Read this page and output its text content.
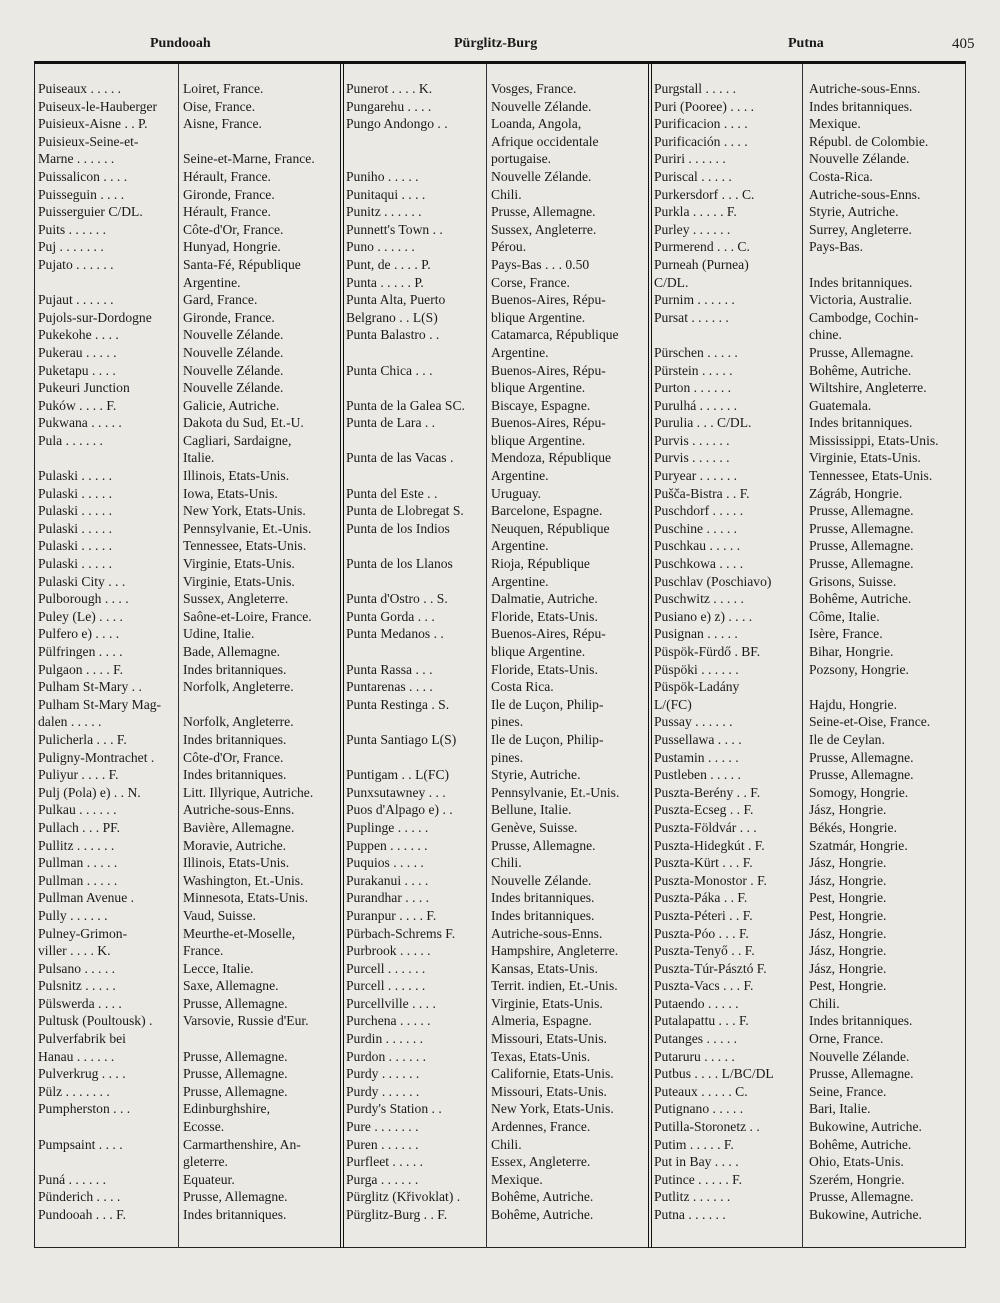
Pundooah	Pürglitz-Burg	Putna	405
Puiseaux . . . . .	Loiret, France.
Puiseux-le-Hauberger	Oise, France.
Puisieux-Aisne . . P.	Aisne, France.
Puisieux-Seine-et-
Marne . . . . . .	Seine-et-Marne, France.
Puissalicon . . . .	Hérault, France.
Puisseguin . . . .	Gironde, France.
Puisserguier C/DL.	Hérault, France.
Puits . . . . . .	Côte-d'Or, France.
Puj . . . . . . .	Hunyad, Hongrie.
Pujato . . . . . .	Santa-Fé, République
Argentine.
Pujaut . . . . . .	Gard, France.
Pujols-sur-Dordogne	Gironde, France.
Pukekohe . . . .	Nouvelle Zélande.
Pukerau . . . . .	Nouvelle Zélande.
Puketapu . . . .	Nouvelle Zélande.
Pukeuri Junction	Nouvelle Zélande.
Puków . . . . F.	Galicie, Autriche.
Pukwana . . . . .	Dakota du Sud, Et.-U.
Pula . . . . . .	Cagliari, Sardaigne,
Italie.
Pulaski . . . . .	Illinois, Etats-Unis.
Pulaski . . . . .	Iowa, Etats-Unis.
Pulaski . . . . .	New York, Etats-Unis.
Pulaski . . . . .	Pennsylvanie, Et.-Unis.
Pulaski . . . . .	Tennessee, Etats-Unis.
Pulaski . . . . .	Virginie, Etats-Unis.
Pulaski City . . .	Virginie, Etats-Unis.
Pulborough . . . .	Sussex, Angleterre.
Puley (Le) . . . .	Saône-et-Loire, France.
Pulfero e) . . . .	Udine, Italie.
Pülfringen . . . .	Bade, Allemagne.
Pulgaon . . . . F.	Indes britanniques.
Pulham St-Mary . .	Norfolk, Angleterre.
Pulham St-Mary Mag-
dalen . . . . .	Norfolk, Angleterre.
Pulicherla . . . F.	Indes britanniques.
Puligny-Montrachet .	Côte-d'Or, France.
Puliyur . . . . F.	Indes britanniques.
Pulj (Pola) e) . . N.	Litt. Illyrique, Autriche.
Pulkau . . . . . .	Autriche-sous-Enns.
Pullach . . . PF.	Bavière, Allemagne.
Pullitz . . . . . .	Moravie, Autriche.
Pullman . . . . .	Illinois, Etats-Unis.
Pullman . . . . .	Washington, Et.-Unis.
Pullman Avenue .	Minnesota, Etats-Unis.
Pully . . . . . .	Vaud, Suisse.
Pulney-Grimon-	Meurthe-et-Moselle,
viller . . . . K.	France.
Pulsano . . . . .	Lecce, Italie.
Pulsnitz . . . . .	Saxe, Allemagne.
Pülswerda . . . .	Prusse, Allemagne.
Pultusk (Poultousk) .	Varsovie, Russie d'Eur.
Pulverfabrik bei
Hanau . . . . . .	Prusse, Allemagne.
Pulverkrug . . . .	Prusse, Allemagne.
Pülz . . . . . . .	Prusse, Allemagne.
Pumpherston . . .	Edinburghshire,
Ecosse.
Pumpsaint . . . .	Carmarthenshire, An-
gleterre.
Puná . . . . . .	Equateur.
Pünderich . . . .	Prusse, Allemagne.
Pundooah . . . F.	Indes britanniques.
Punerot . . . . K.	Vosges, France.
Pungarehu . . . .	Nouvelle Zélande.
Pungo Andongo . .	Loanda, Angola,
Afrique occidentale
portugaise.
Puniho . . . . .	Nouvelle Zélande.
Punitaqui . . . .	Chili.
Punitz . . . . . .	Prusse, Allemagne.
Punnett's Town . .	Sussex, Angleterre.
Puno . . . . . .	Pérou.
Punt, de . . . . P.	Pays-Bas . . . 0.50
Punta . . . . . P.	Corse, France.
Punta Alta, Puerto	Buenos-Aires, Répu-
Belgrano . . L(S)	blique Argentine.
Punta Balastro . .	Catamarca, République
Argentine.
Punta Chica . . .	Buenos-Aires, Répu-
blique Argentine.
Punta de la Galea SC.	Biscaye, Espagne.
Punta de Lara . .	Buenos-Aires, Répu-
blique Argentine.
Punta de las Vacas .	Mendoza, République
Argentine.
Punta del Este . .	Uruguay.
Punta de Llobregat S.	Barcelone, Espagne.
Punta de los Indios	Neuquen, République
Argentine.
Punta de los Llanos	Rioja, République
Argentine.
Punta d'Ostro . . S.	Dalmatie, Autriche.
Punta Gorda . . .	Floride, Etats-Unis.
Punta Medanos . .	Buenos-Aires, Répu-
blique Argentine.
Punta Rassa . . .	Floride, Etats-Unis.
Puntarenas . . . .	Costa Rica.
Punta Restinga . S.	Ile de Luçon, Philip-
pines.
Punta Santiago L(S)	Ile de Luçon, Philip-
pines.
Puntigam . . L(FC)	Styrie, Autriche.
Punxsutawney . . .	Pennsylvanie, Et.-Unis.
Puos d'Alpago e) . .	Bellune, Italie.
Puplinge . . . . .	Genève, Suisse.
Puppen . . . . . .	Prusse, Allemagne.
Puquios . . . . .	Chili.
Purakanui . . . .	Nouvelle Zélande.
Purandhar . . . .	Indes britanniques.
Puranpur . . . . F.	Indes britanniques.
Pürbach-Schrems F.	Autriche-sous-Enns.
Purbrook . . . . .	Hampshire, Angleterre.
Purcell . . . . . .	Kansas, Etats-Unis.
Purcell . . . . . .	Territ. indien, Et.-Unis.
Purcellville . . . .	Virginie, Etats-Unis.
Purchena . . . . .	Almeria, Espagne.
Purdin . . . . . .	Missouri, Etats-Unis.
Purdon . . . . . .	Texas, Etats-Unis.
Purdy . . . . . .	Californie, Etats-Unis.
Purdy . . . . . .	Missouri, Etats-Unis.
Purdy's Station . .	New York, Etats-Unis.
Pure . . . . . . .	Ardennes, France.
Puren . . . . . .	Chili.
Purfleet . . . . .	Essex, Angleterre.
Purga . . . . . .	Mexique.
Pürglitz (Křivoklat) .	Bohême, Autriche.
Pürglitz-Burg . . F.	Bohême, Autriche.
Purgstall . . . . .	Autriche-sous-Enns.
Puri (Pooree) . . . .	Indes britanniques.
Purificacion . . . .	Mexique.
Purificación . . . .	Républ. de Colombie.
Puriri . . . . . .	Nouvelle Zélande.
Puriscal . . . . .	Costa-Rica.
Purkersdorf . . . C.	Autriche-sous-Enns.
Purkla . . . . . F.	Styrie, Autriche.
Purley . . . . . .	Surrey, Angleterre.
Purmerend . . . C.	Pays-Bas.
Purneah (Purnea)
C/DL.	Indes britanniques.
Purnim . . . . . .	Victoria, Australie.
Pursat . . . . . .	Cambodge, Cochin-
chine.
Pürschen . . . . .	Prusse, Allemagne.
Pürstein . . . . .	Bohême, Autriche.
Purton . . . . . .	Wiltshire, Angleterre.
Purulhá . . . . . .	Guatemala.
Purulia . . . C/DL.	Indes britanniques.
Purvis . . . . . .	Mississippi, Etats-Unis.
Purvis . . . . . .	Virginie, Etats-Unis.
Puryear . . . . . .	Tennessee, Etats-Unis.
Pušča-Bistra . . F.	Zágráb, Hongrie.
Puschdorf . . . . .	Prusse, Allemagne.
Puschine . . . . .	Prusse, Allemagne.
Puschkau . . . . .	Prusse, Allemagne.
Puschkowa . . . .	Prusse, Allemagne.
Puschlav (Poschiavo)	Grisons, Suisse.
Puschwitz . . . . .	Bohême, Autriche.
Pusiano e) z) . . . .	Côme, Italie.
Pusignan . . . . .	Isère, France.
Püspök-Fürdő . BF.	Bihar, Hongrie.
Püspöki . . . . . .	Pozsony, Hongrie.
Püspök-Ladány
L/(FC)	Hajdu, Hongrie.
Pussay . . . . . .	Seine-et-Oise, France.
Pussellawa . . . .	Ile de Ceylan.
Pustamin . . . . .	Prusse, Allemagne.
Pustleben . . . . .	Prusse, Allemagne.
Puszta-Berény . . F.	Somogy, Hongrie.
Puszta-Ecseg . . F.	Jász, Hongrie.
Puszta-Földvár . . .	Békés, Hongrie.
Puszta-Hidegkút . F.	Szatmár, Hongrie.
Puszta-Kürt . . . F.	Jász, Hongrie.
Puszta-Monostor . F.	Jász, Hongrie.
Puszta-Páka . . F.	Pest, Hongrie.
Puszta-Péteri . . F.	Pest, Hongrie.
Puszta-Póo . . . F.	Jász, Hongrie.
Puszta-Tenyő . . F.	Jász, Hongrie.
Puszta-Túr-Pásztó F.	Jász, Hongrie.
Puszta-Vacs . . . F.	Pest, Hongrie.
Putaendo . . . . .	Chili.
Putalapattu . . . F.	Indes britanniques.
Putanges . . . . .	Orne, France.
Putaruru . . . . .	Nouvelle Zélande.
Putbus . . . . L/BC/DL	Prusse, Allemagne.
Puteaux . . . . . C.	Seine, France.
Putignano . . . . .	Bari, Italie.
Putilla-Storonetz . .	Bukowine, Autriche.
Putim . . . . . F.	Bohême, Autriche.
Put in Bay . . . .	Ohio, Etats-Unis.
Putince . . . . . F.	Szerém, Hongrie.
Putlitz . . . . . .	Prusse, Allemagne.
Putna . . . . . .	Bukowine, Autriche.
